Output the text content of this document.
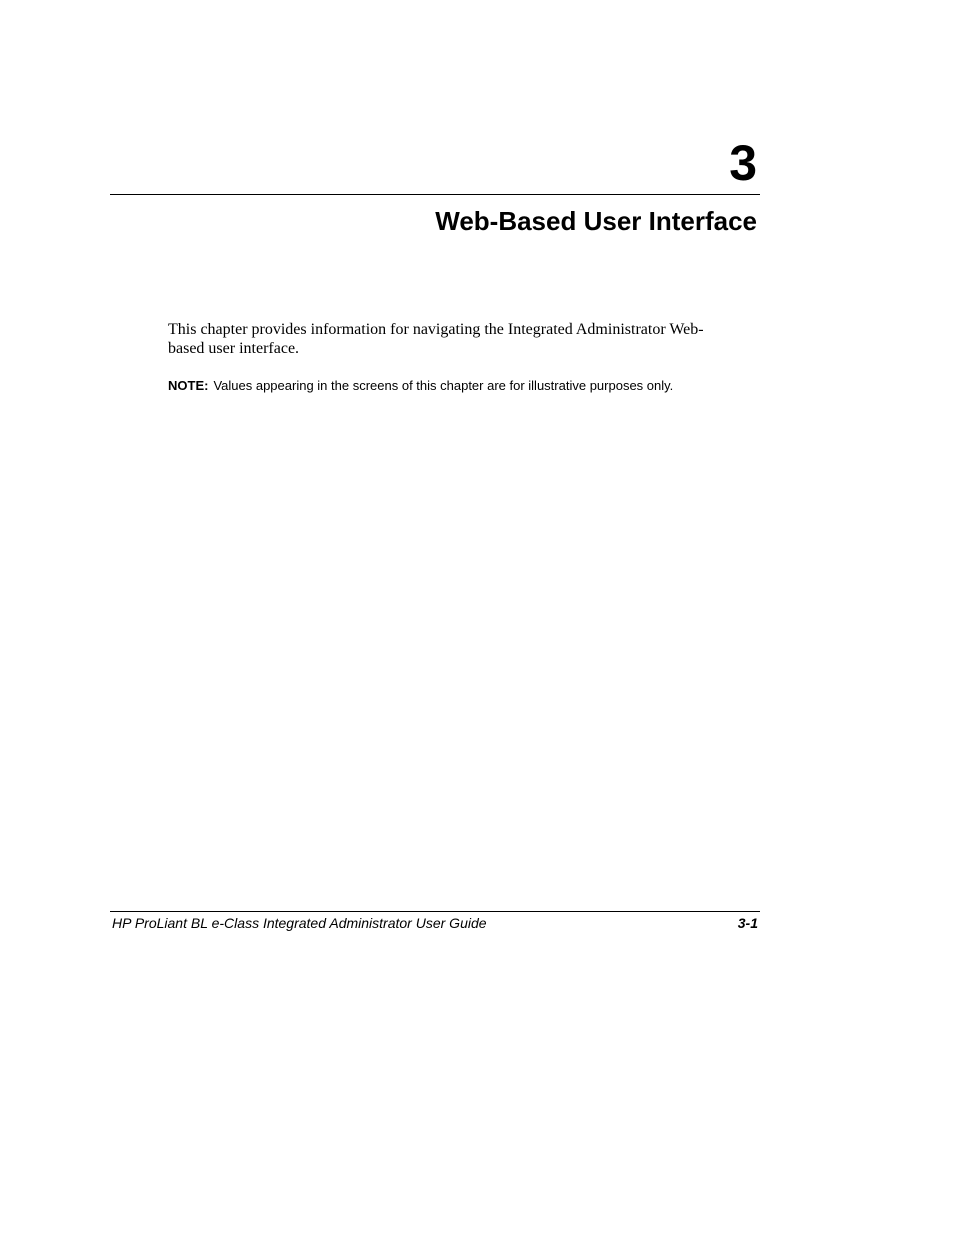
3
Web-Based User Interface

This chapter provides information for navigating the Integrated Administrator Web-based user interface.

NOTE: Values appearing in the screens of this chapter are for illustrative purposes only.

HP ProLiant BL e-Class Integrated Administrator User Guide	3-1
